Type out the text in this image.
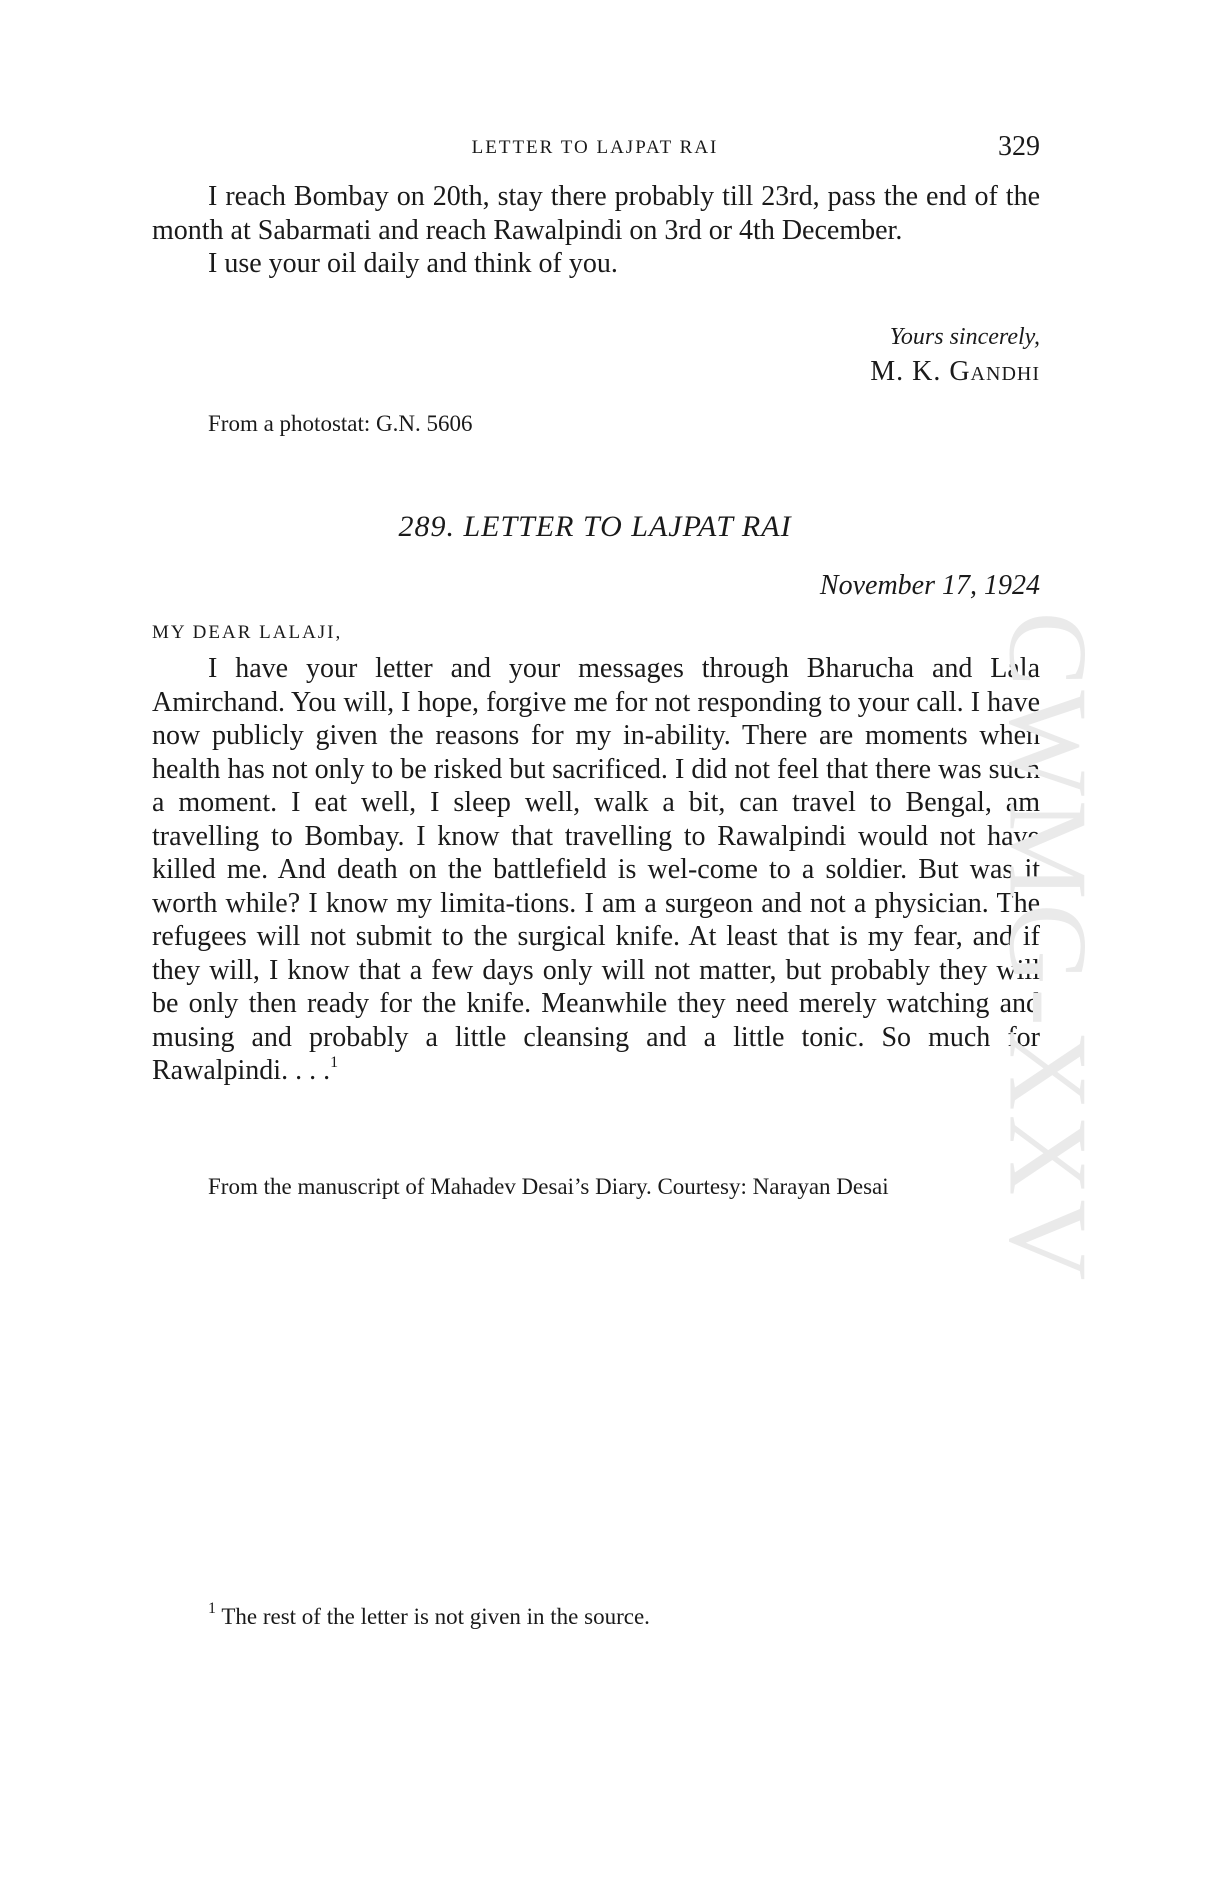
LETTER TO LAJPAT RAI	329

I reach Bombay on 20th, stay there probably till 23rd, pass the end of the month at Sabarmati and reach Rawalpindi on 3rd or 4th December.

I use your oil daily and think of you.

Yours sincerely,
M. K. Gandhi

From a photostat: G.N. 5606

289. LETTER TO LAJPAT RAI
November 17, 1924
MY DEAR LALAJI,

I have your letter and your messages through Bharucha and Lala Amirchand. You will, I hope, forgive me for not responding to your call. I have now publicly given the reasons for my in-ability. There are moments when health has not only to be risked but sacrificed. I did not feel that there was such a moment. I eat well, I sleep well, walk a bit, can travel to Bengal, am travelling to Bombay. I know that travelling to Rawalpindi would not have killed me. And death on the battlefield is wel-come to a soldier. But was it worth while? I know my limita-tions. I am a surgeon and not a physician. The refugees will not submit to the surgical knife. At least that is my fear, and if they will, I know that a few days only will not matter, but probably they will be only then ready for the knife. Meanwhile they need merely watching and musing and probably a little cleansing and a little tonic. So much for Rawalpindi. . . .$^1$

From the manuscript of Mahadev Desai’s Diary. Courtesy: Narayan Desai

$^1$ The rest of the letter is not given in the source.
CWMG-XXV
